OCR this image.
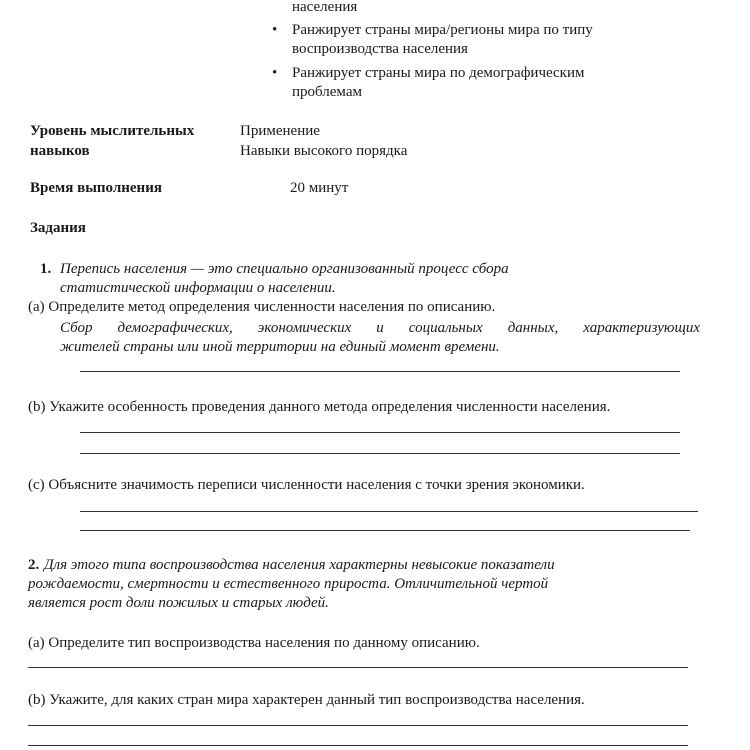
населения
• Ранжирует страны мира/регионы мира по типу
воспроизводства населения
• Ранжирует страны мира по демографическим
проблемам
Уровень мыслительных
навыков
Применение
Навыки высокого порядка
Время выполнения	20 минут
Задания
1. Перепись населения — это специально организованный процесс сбора
статистической информации о населении.
(a) Определите метод определения численности населения по описанию.
Сбор демографических, экономических и социальных данных, характеризующих
жителей страны или иной территории на единый момент времени.
(b) Укажите особенность проведения данного метода определения численности населения.
(c) Объясните значимость переписи численности населения с точки зрения экономики.
2. Для этого типа воспроизводства населения характерны невысокие показатели
рождаемости, смертности и естественного прироста. Отличительной чертой
является рост доли пожилых и старых людей.
(a) Определите тип воспроизводства населения по данному описанию.
(b) Укажите, для каких стран мира характерен данный тип воспроизводства населения.
